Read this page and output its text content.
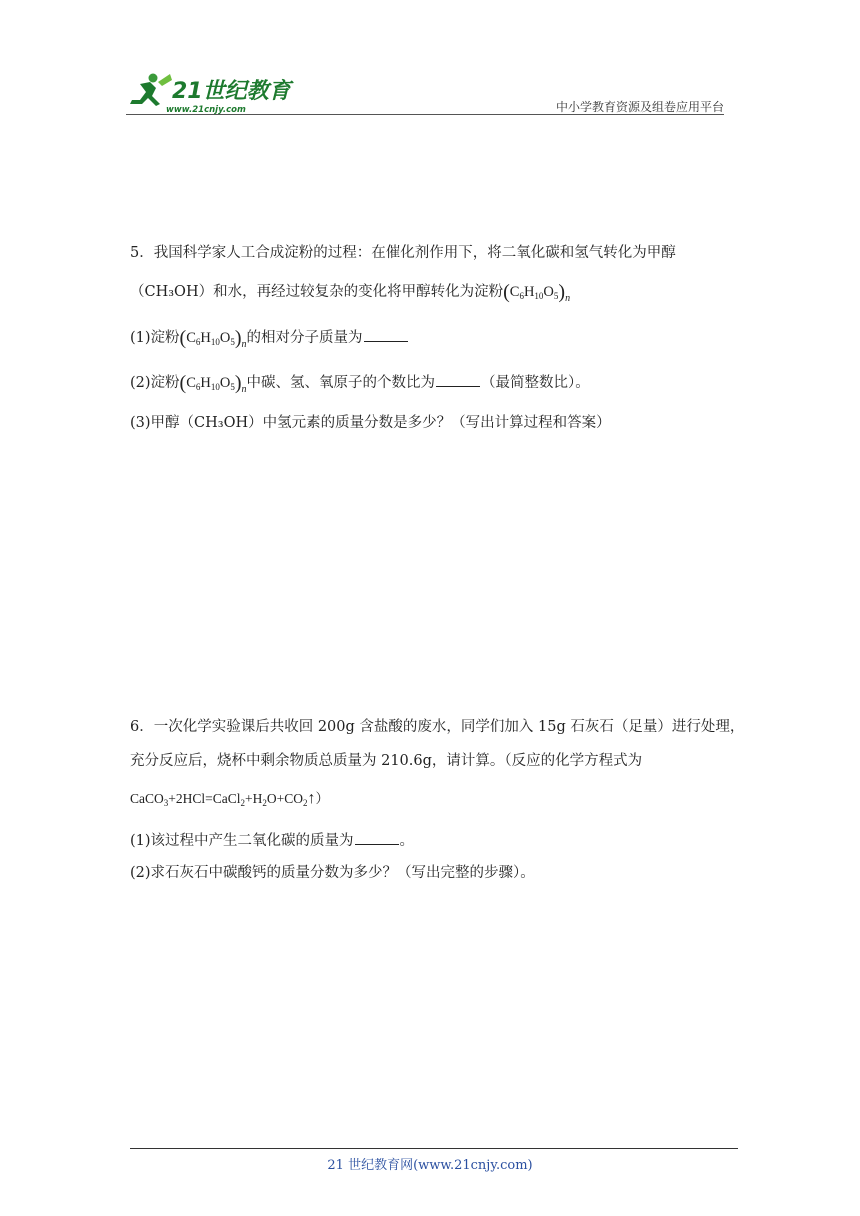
21世纪教育
www.21cnjy.com	中小学教育资源及组卷应用平台
5．我国科学家人工合成淀粉的过程：在催化剂作用下，将二氧化碳和氢气转化为甲醇
（CH₃OH）和水，再经过较复杂的变化将甲醇转化为淀粉$(C_6H_{10}O_5)_n$
(1)淀粉$(C_6H_{10}O_5)_n$的相对分子质量为
(2)淀粉$(C_6H_{10}O_5)_n$中碳、氢、氧原子的个数比为	（最简整数比）。
(3)甲醇（CH₃OH）中氢元素的质量分数是多少？（写出计算过程和答案）
6．一次化学实验课后共收回 200g 含盐酸的废水，同学们加入 15g 石灰石（足量）进行处理，
充分反应后，烧杯中剩余物质总质量为 210.6g，请计算。（反应的化学方程式为
$CaCO_3+2HCl=CaCl_2+H_2O+CO_2↑$）
(1)该过程中产生二氧化碳的质量为	。
(2)求石灰石中碳酸钙的质量分数为多少？（写出完整的步骤）。
21 世纪教育网(www.21cnjy.com)
